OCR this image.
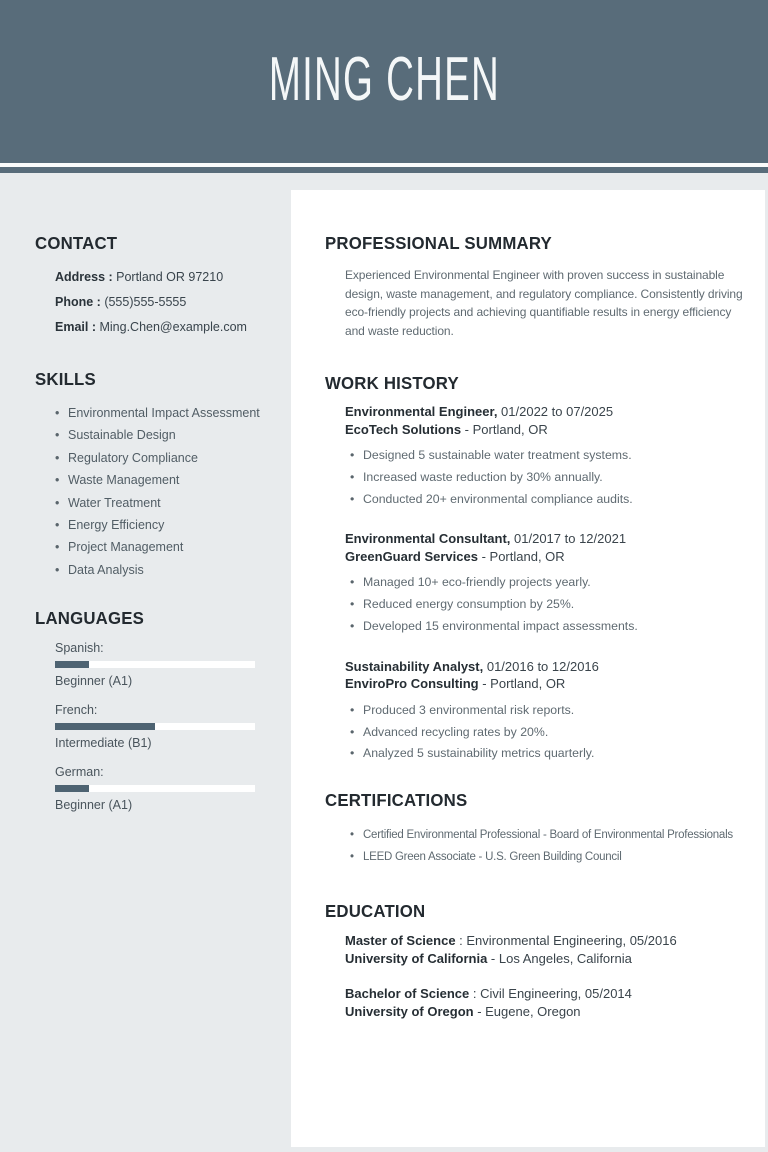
MING CHEN
PROFESSIONAL SUMMARY

Experienced Environmental Engineer with proven success in sustainable design, waste management, and regulatory compliance. Consistently driving eco-friendly projects and achieving quantifiable results in energy efficiency and waste reduction.

WORK HISTORY
Environmental Engineer, 01/2022 to 07/2025
EcoTech Solutions - Portland, OR
• Designed 5 sustainable water treatment systems.
• Increased waste reduction by 30% annually.
• Conducted 20+ environmental compliance audits.
Environmental Consultant, 01/2017 to 12/2021
GreenGuard Services - Portland, OR
• Managed 10+ eco-friendly projects yearly.
• Reduced energy consumption by 25%.
• Developed 15 environmental impact assessments.
Sustainability Analyst, 01/2016 to 12/2016
EnviroPro Consulting - Portland, OR
• Produced 3 environmental risk reports.
• Advanced recycling rates by 20%.
• Analyzed 5 sustainability metrics quarterly.
CERTIFICATIONS
• Certified Environmental Professional - Board of Environmental Professionals
• LEED Green Associate - U.S. Green Building Council
EDUCATION
Master of Science : Environmental Engineering, 05/2016
University of California - Los Angeles, California
Bachelor of Science : Civil Engineering, 05/2014
University of Oregon - Eugene, Oregon
CONTACT
Address : Portland OR 97210
Phone : (555)555-5555
Email : Ming.Chen@example.com
SKILLS
• Environmental Impact Assessment
• Sustainable Design
• Regulatory Compliance
• Waste Management
• Water Treatment
• Energy Efficiency
• Project Management
• Data Analysis
LANGUAGES
Spanish:
Beginner (A1)
French:
Intermediate (B1)
German:
Beginner (A1)
